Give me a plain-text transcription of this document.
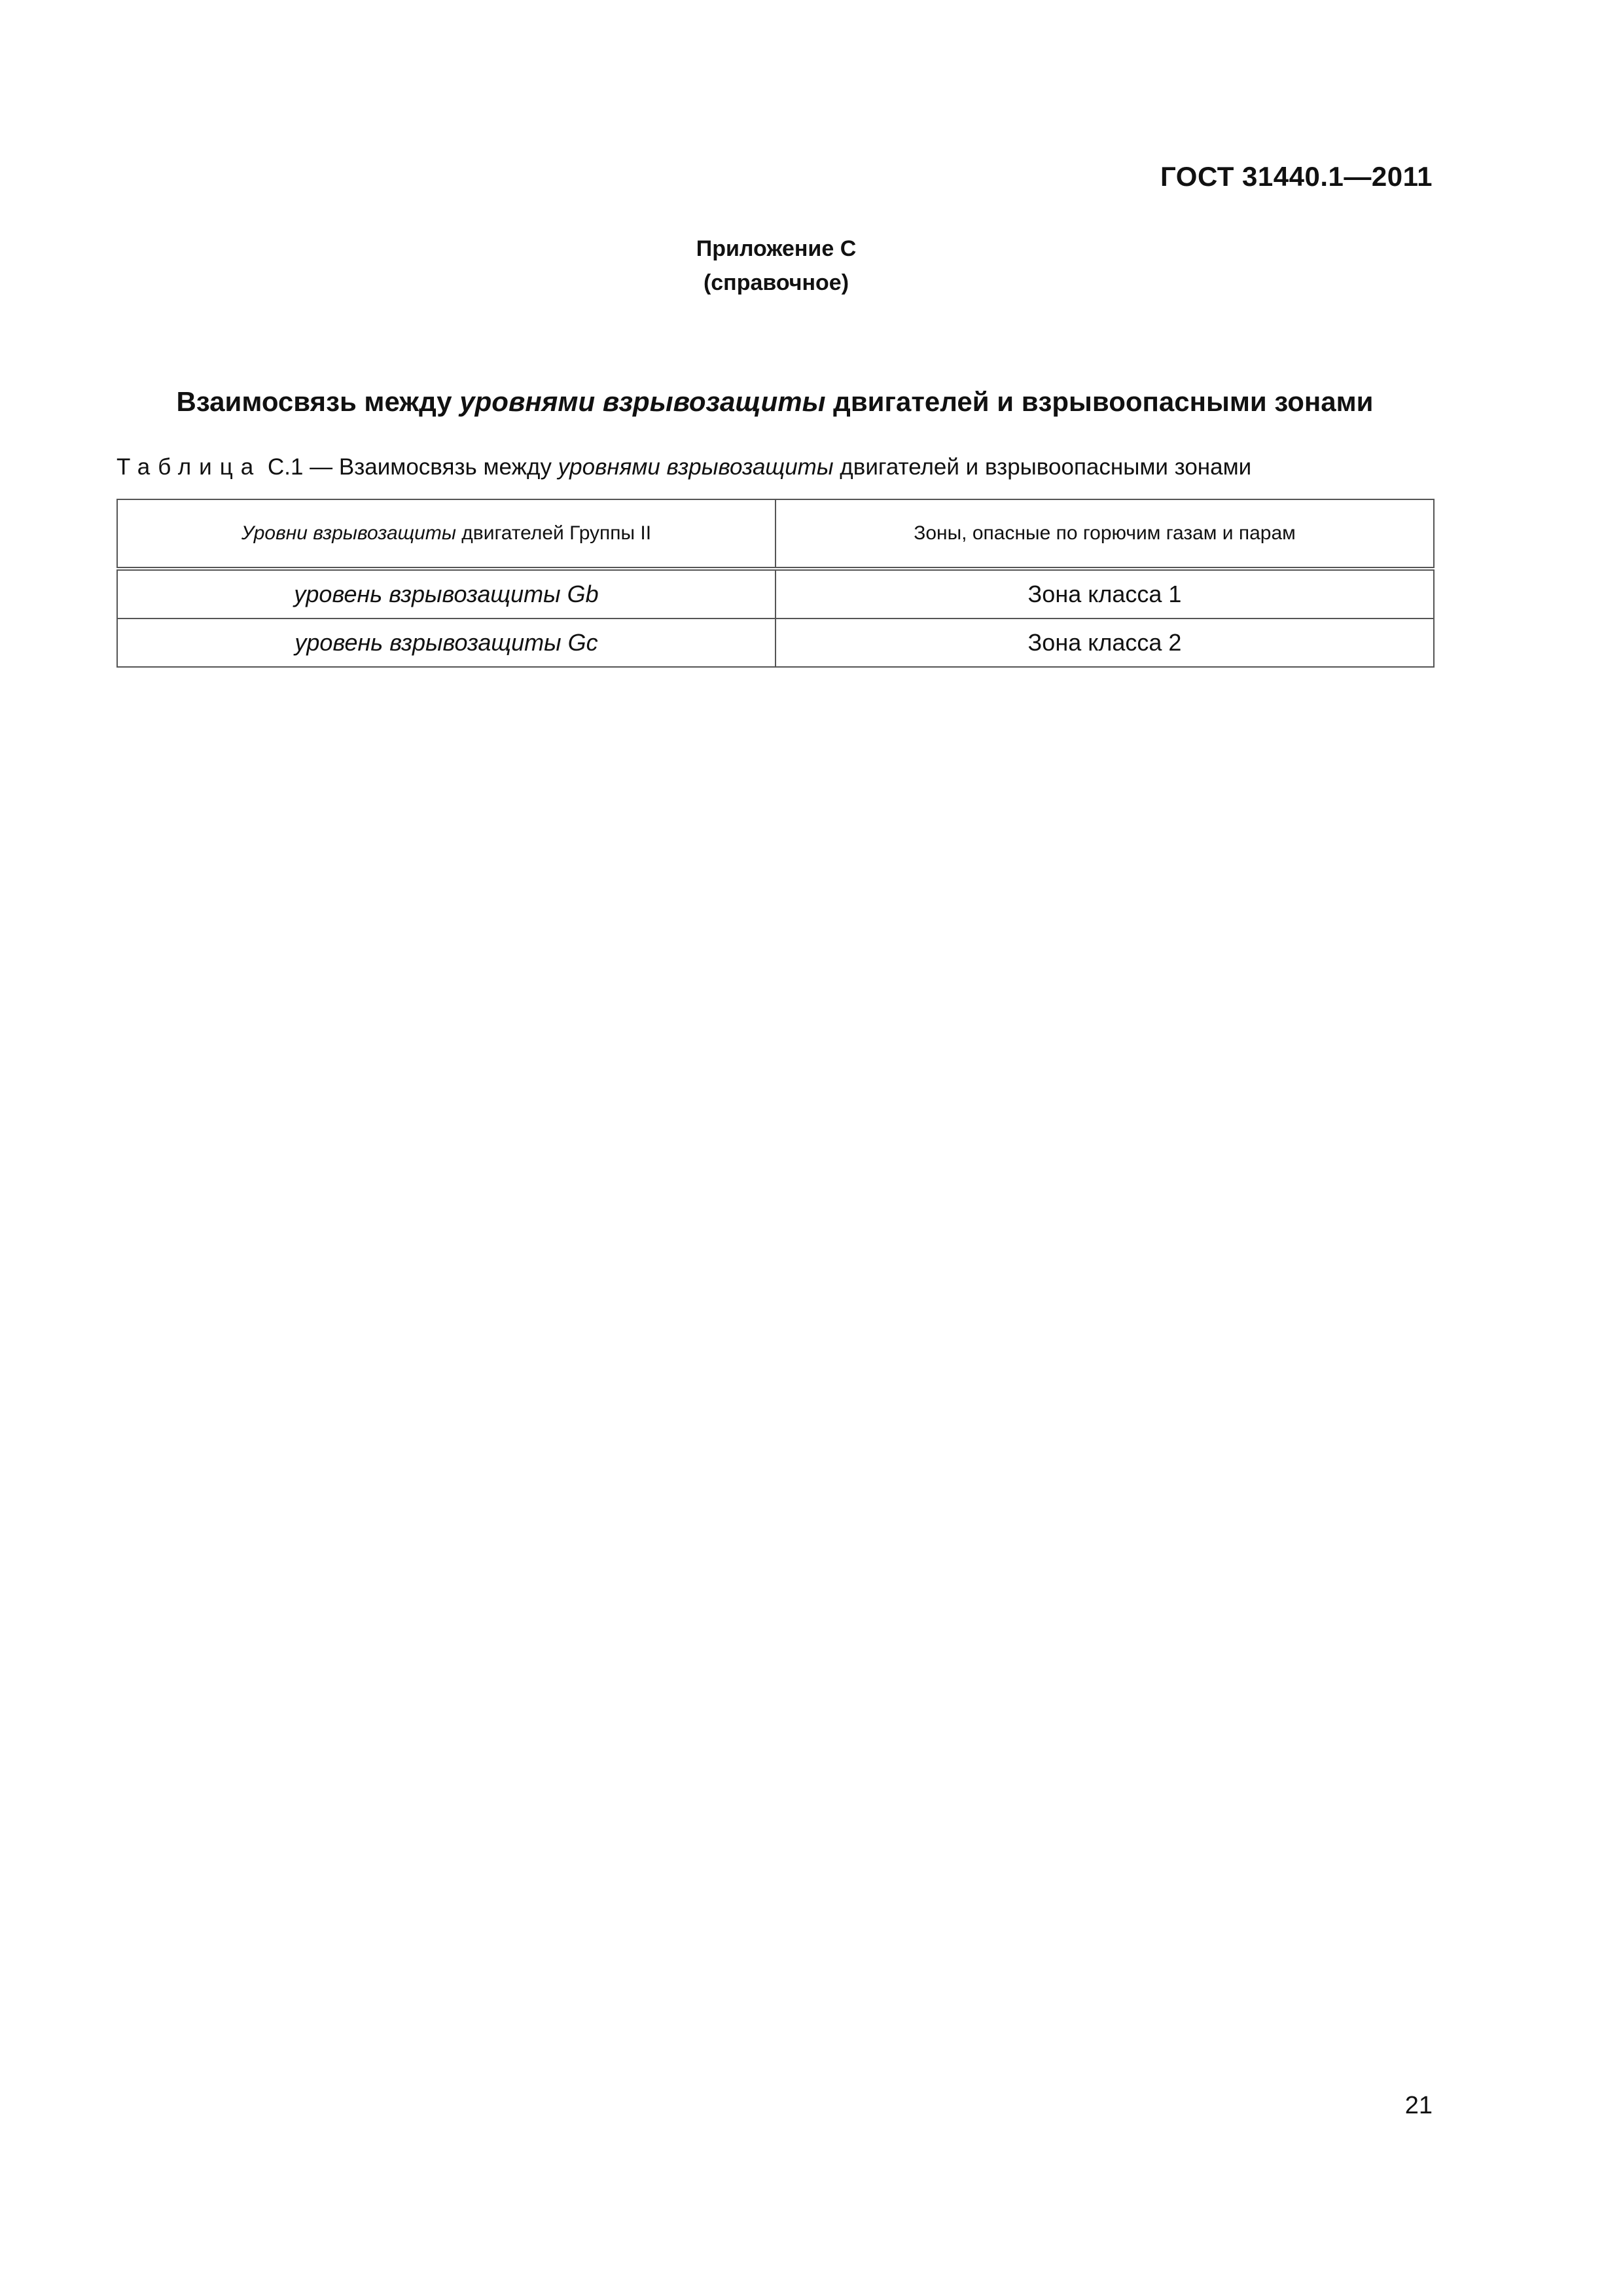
ГОСТ 31440.1—2011
Приложение С
(справочное)
Взаимосвязь между уровнями взрывозащиты двигателей и взрывоопасными зонами
Таблица С.1 — Взаимосвязь между уровнями взрывозащиты двигателей и взрывоопасными зонами
Уровни взрывозащиты двигателей Группы II	Зоны, опасные по горючим газам и парам
уровень взрывозащиты Gb	Зона класса 1
уровень взрывозащиты Gc	Зона класса 2
21
